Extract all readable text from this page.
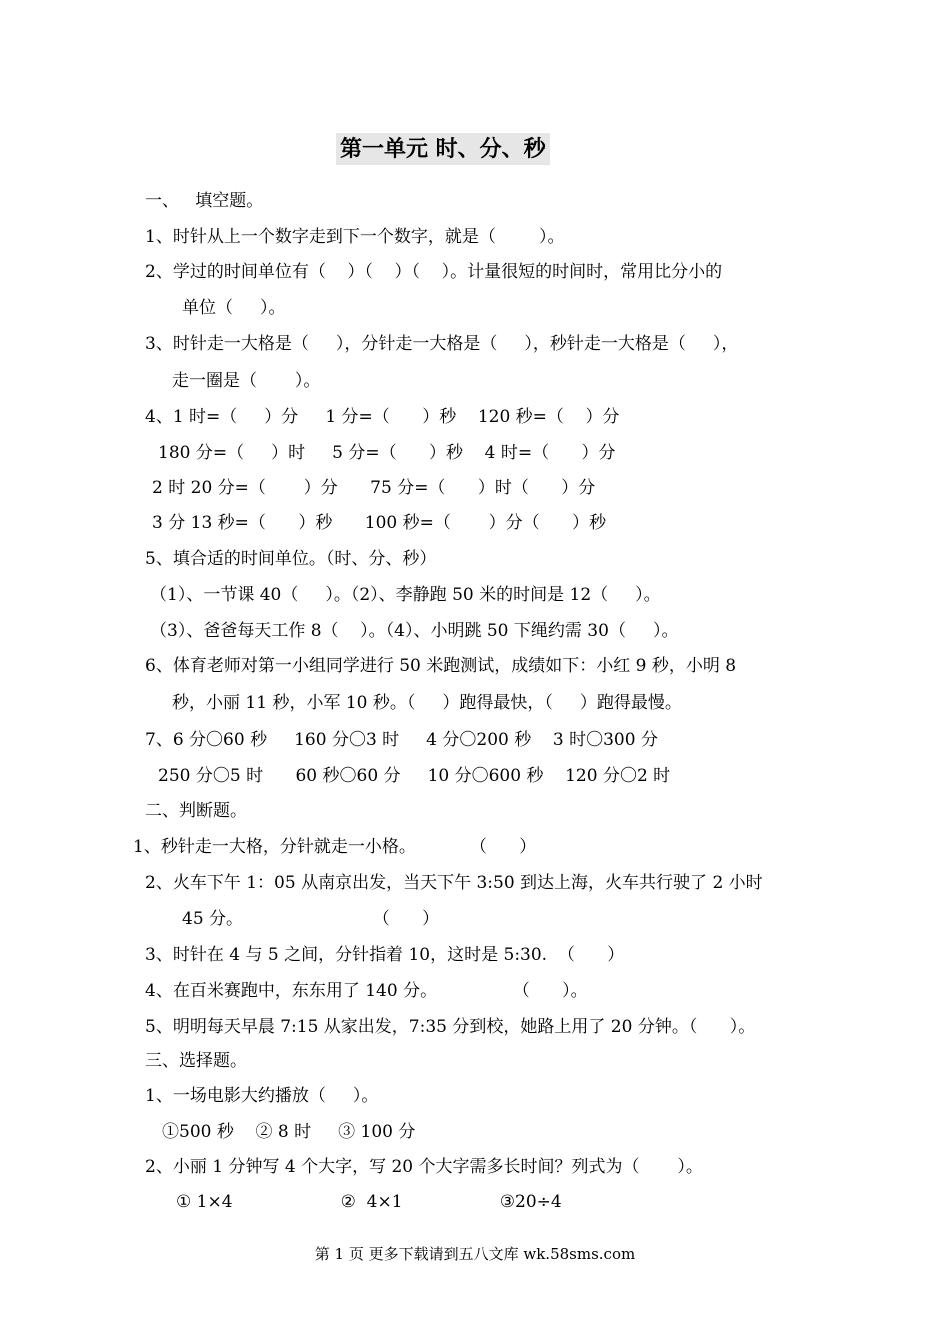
第一单元 时、分、秒
一、   填空题。
1、时针从上一个数字走到下一个数字，就是（        ）。
2、学过的时间单位有（    ）（    ）（    ）。计量很短的时间时，常用比分小的
单位（     ）。
3、时针走一大格是（     ），分针走一大格是（     ），秒针走一大格是（     ），
走一圈是（       ）。
4、1 时=（     ）分     1 分=（      ）秒    120 秒=（    ）分
180 分=（     ）时     5 分=（      ）秒    4 时=（      ）分
2 时 20 分=（       ）分      75 分=（      ）时（      ）分
3 分 13 秒=（      ）秒      100 秒=（       ）分（      ）秒
5、填合适的时间单位。（时、分、秒）
（1）、一节课 40（     ）。（2）、李静跑 50 米的时间是 12（     ）。
（3）、爸爸每天工作 8（    ）。（4）、小明跳 50 下绳约需 30（     ）。
6、体育老师对第一小组同学进行 50 米跑测试，成绩如下：小红 9 秒，小明 8
秒，小丽 11 秒，小军 10 秒。（     ）跑得最快，（     ）跑得最慢。
7、6 分〇60 秒     160 分〇3 时     4 分〇200 秒    3 时〇300 分
250 分〇5 时      60 秒〇60 分     10 分〇600 秒    120 分〇2 时
二、判断题。
1、秒针走一大格，分针就走一小格。          （      ）
2、火车下午 1：05 从南京出发，当天下午 3:50 到达上海，火车共行驶了 2 小时
45 分。                        （      ）
3、时针在 4 与 5 之间，分针指着 10，这时是 5:30.  （      ）
4、在百米赛跑中，东东用了 140 分。              （      ）。
5、明明每天早晨 7:15 从家出发，7:35 分到校，她路上用了 20 分钟。（      ）。
三、选择题。
1、一场电影大约播放（     ）。
①500 秒    ② 8 时     ③ 100 分
2、小丽 1 分钟写 4 个大字，写 20 个大字需多长时间？列式为（       ）。
① 1×4                    ②  4×1                  ③20÷4
第 1 页 更多下载请到五八文库 wk.58sms.com
